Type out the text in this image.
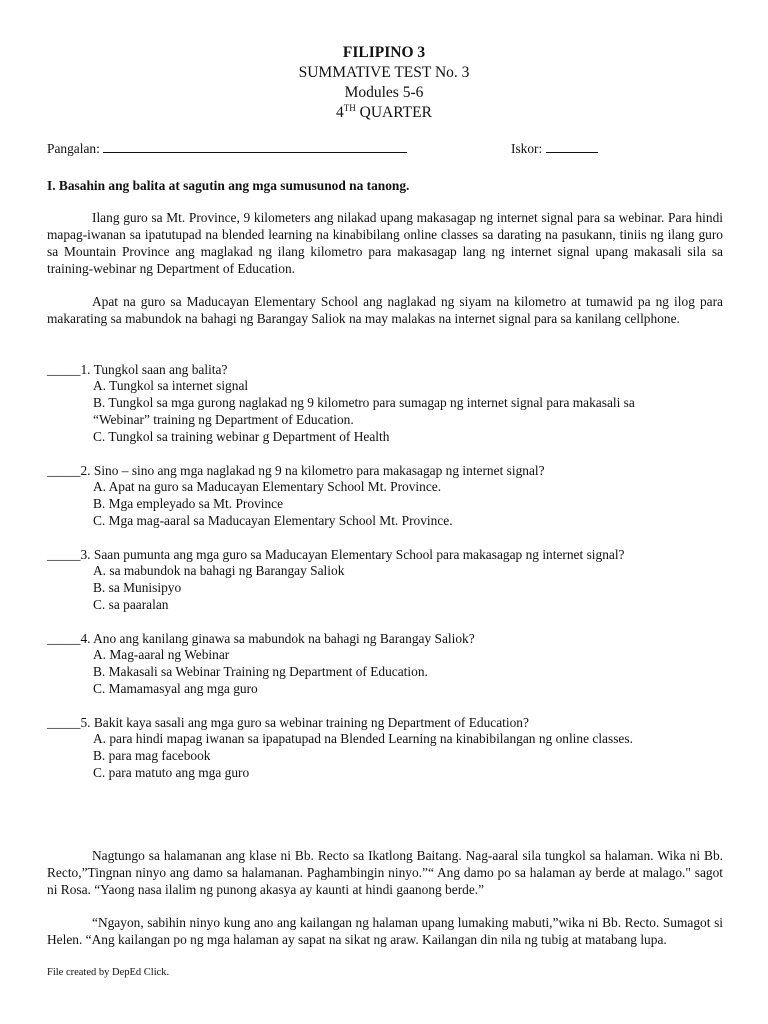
FILIPINO 3
SUMMATIVE TEST No. 3
Modules 5-6
4TH QUARTER
Pangalan:	Iskor:
I. Basahin ang balita at sagutin ang mga sumusunod na tanong.
Ilang guro sa Mt. Province, 9 kilometers ang nilakad upang makasagap ng internet signal para sa webinar. Para hindi mapag-iwanan sa ipatutupad na blended learning na kinabibilang online classes sa darating na pasukann, tiniis ng ilang guro sa Mountain Province ang maglakad ng ilang kilometro para makasagap lang ng internet signal upang makasali sila sa training-webinar ng Department of Education.
Apat na guro sa Maducayan Elementary School ang naglakad ng siyam na kilometro at tumawid pa ng ilog para makarating sa mabundok na bahagi ng Barangay Saliok na may malakas na internet signal para sa kanilang cellphone.
_____1. Tungkol saan ang balita?
A. Tungkol sa internet signal
B. Tungkol sa mga gurong naglakad ng 9 kilometro para sumagap ng internet signal para makasali sa
“Webinar” training ng Department of Education.
C. Tungkol sa training webinar g Department of Health
_____2. Sino – sino ang mga naglakad ng 9 na kilometro para makasagap ng internet signal?
A. Apat na guro sa Maducayan Elementary School Mt. Province.
B. Mga empleyado sa Mt. Province
C. Mga mag-aaral sa Maducayan Elementary School Mt. Province.
_____3. Saan pumunta ang mga guro sa Maducayan Elementary School para makasagap ng internet signal?
A. sa mabundok na bahagi ng Barangay Saliok
B. sa Munisipyo
C. sa paaralan
_____4. Ano ang kanilang ginawa sa mabundok na bahagi ng Barangay Saliok?
A. Mag-aaral ng Webinar
B. Makasali sa Webinar Training ng Department of Education.
C. Mamamasyal ang mga guro
_____5. Bakit kaya sasali ang mga guro sa webinar training ng Department of Education?
A. para hindi mapag iwanan sa ipapatupad na Blended Learning na kinabibilangan ng online classes.
B. para mag facebook
C. para matuto ang mga guro
Nagtungo sa halamanan ang klase ni Bb. Recto sa Ikatlong Baitang. Nag-aaral sila tungkol sa halaman. Wika ni Bb. Recto,”Tingnan ninyo ang damo sa halamanan. Paghambingin ninyo.”“ Ang damo po sa halaman ay berde at malago." sagot ni Rosa. “Yaong nasa ilalim ng punong akasya ay kaunti at hindi gaanong berde.”
“Ngayon, sabihin ninyo kung ano ang kailangan ng halaman upang lumaking mabuti,”wika ni Bb. Recto. Sumagot si Helen. “Ang kailangan po ng mga halaman ay sapat na sikat ng araw. Kailangan din nila ng tubig at matabang lupa.
File created by DepEd Click.
